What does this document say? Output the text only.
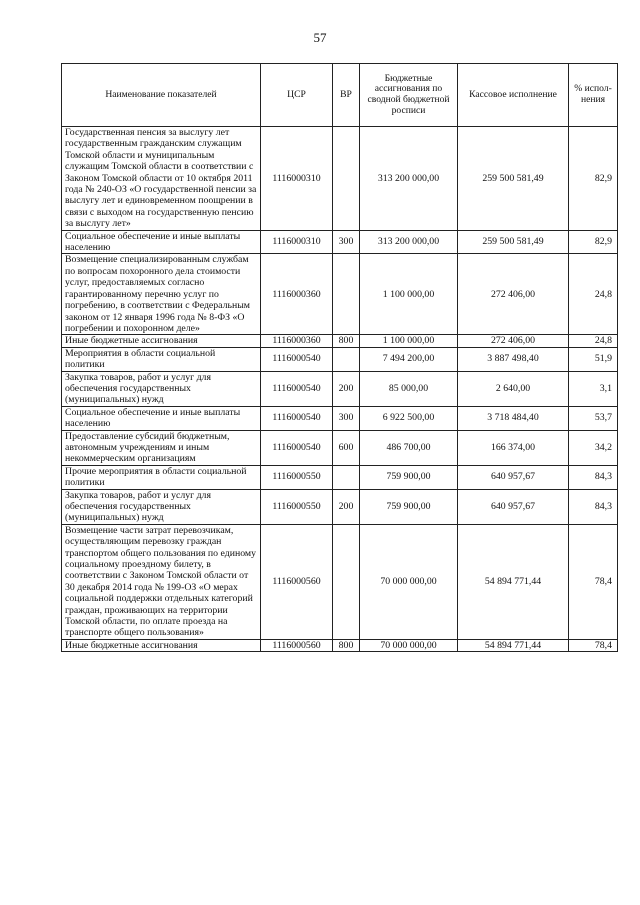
57
Наименование показателей	ЦСР	ВР	Бюджетные ассигнования по сводной бюджетной росписи	Кассовое исполнение	% испол-нения
Государственная пенсия за выслугу лет государственным гражданским служащим Томской области и муниципальным служащим Томской области в соответствии с Законом Томской области от 10 октября 2011 года № 240-ОЗ «О государственной пенсии за выслугу лет и единовременном поощрении в связи с выходом на государственную пенсию за выслугу лет»	1116000310		313 200 000,00	259 500 581,49	82,9
Социальное обеспечение и иные выплаты населению	1116000310	300	313 200 000,00	259 500 581,49	82,9
Возмещение специализированным службам по вопросам похоронного дела стоимости услуг, предоставляемых согласно гарантированному перечню услуг по погребению, в соответствии с Федеральным законом от 12 января 1996 года № 8-ФЗ «О погребении и похоронном деле»	1116000360		1 100 000,00	272 406,00	24,8
Иные бюджетные ассигнования	1116000360	800	1 100 000,00	272 406,00	24,8
Мероприятия в области социальной политики	1116000540		7 494 200,00	3 887 498,40	51,9
Закупка товаров, работ и услуг для обеспечения государственных (муниципальных) нужд	1116000540	200	85 000,00	2 640,00	3,1
Социальное обеспечение и иные выплаты населению	1116000540	300	6 922 500,00	3 718 484,40	53,7
Предоставление субсидий бюджетным, автономным учреждениям и иным некоммерческим организациям	1116000540	600	486 700,00	166 374,00	34,2
Прочие мероприятия в области социальной политики	1116000550		759 900,00	640 957,67	84,3
Закупка товаров, работ и услуг для обеспечения государственных (муниципальных) нужд	1116000550	200	759 900,00	640 957,67	84,3
Возмещение части затрат перевозчикам, осуществляющим перевозку граждан транспортом общего пользования по единому социальному проездному билету, в соответствии с Законом Томской области от 30 декабря 2014 года № 199-ОЗ «О мерах социальной поддержки отдельных категорий граждан, проживающих на территории Томской области, по оплате проезда на транспорте общего пользования»	1116000560		70 000 000,00	54 894 771,44	78,4
Иные бюджетные ассигнования	1116000560	800	70 000 000,00	54 894 771,44	78,4
